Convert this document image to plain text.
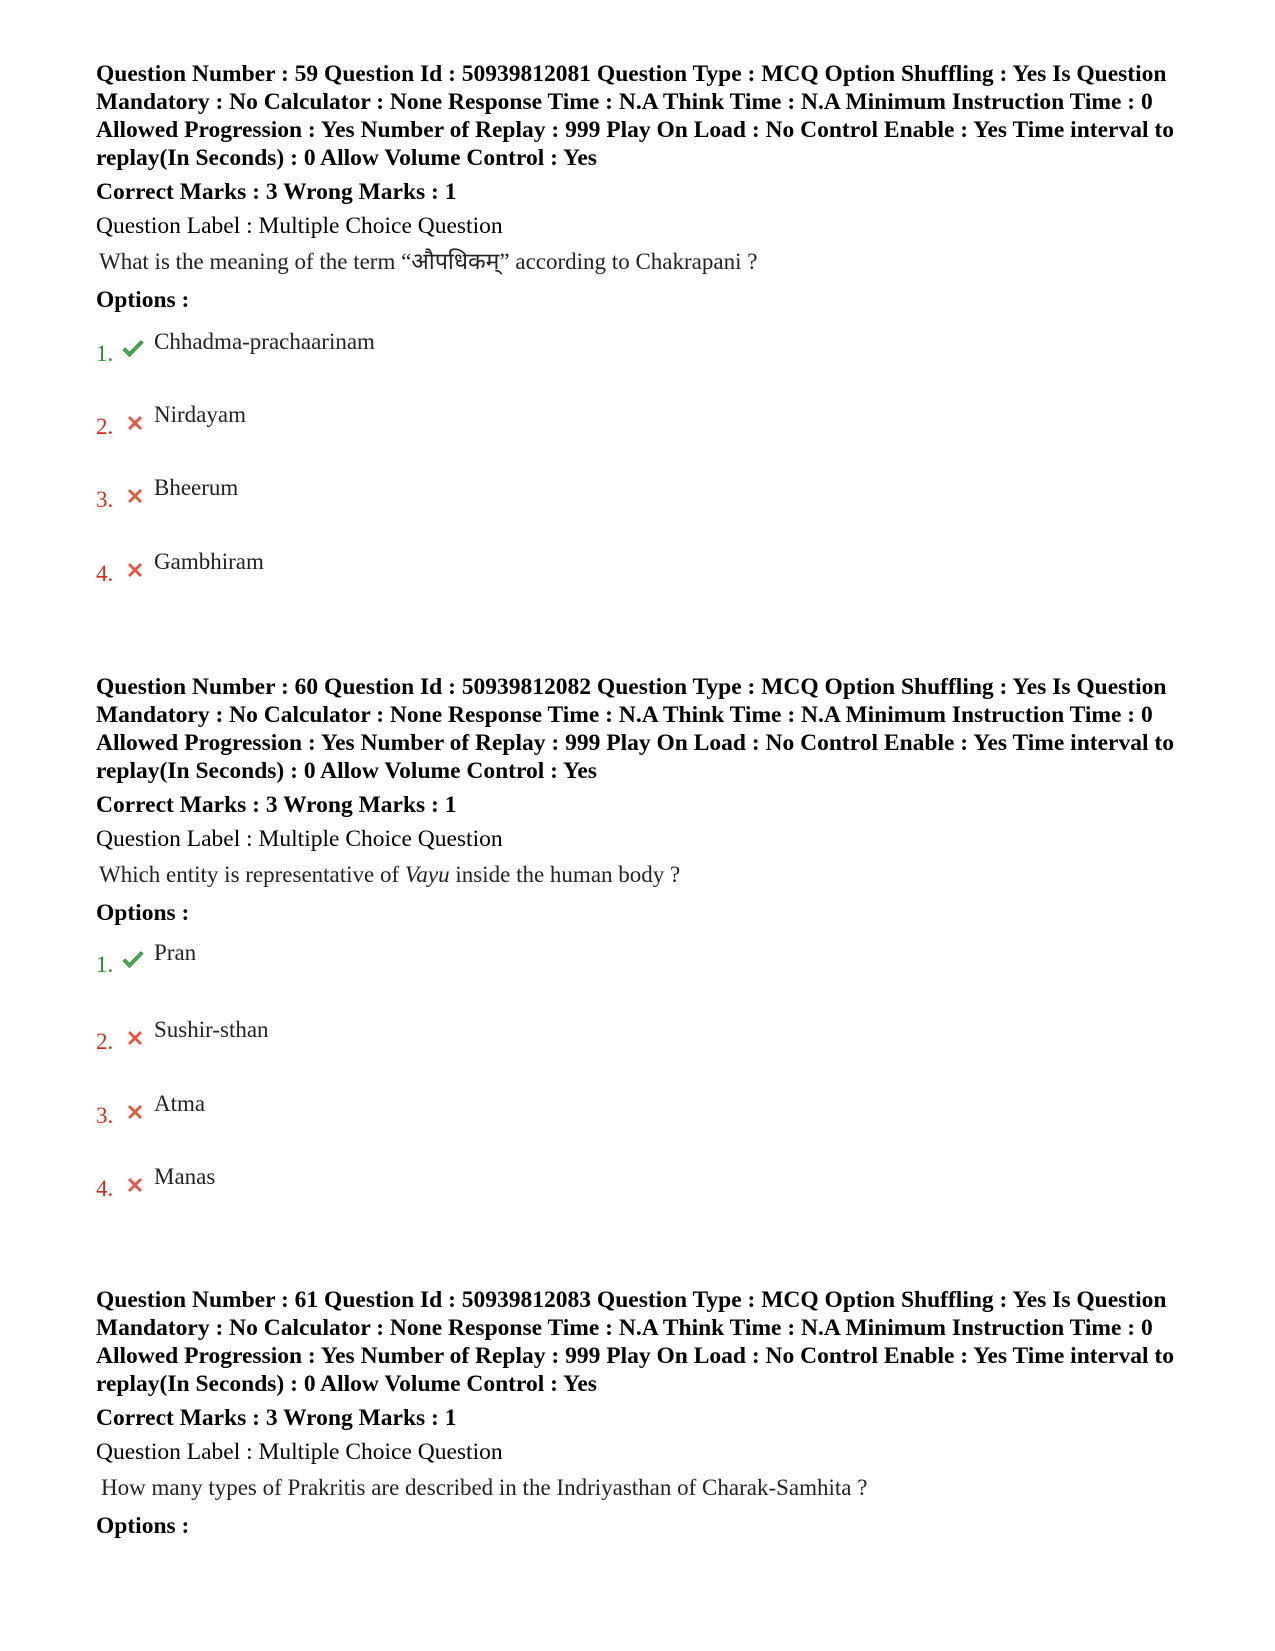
Question Number : 59 Question Id : 50939812081 Question Type : MCQ Option Shuffling : Yes Is Question Mandatory : No Calculator : None Response Time : N.A Think Time : N.A Minimum Instruction Time : 0 Allowed Progression : Yes Number of Replay : 999 Play On Load : No Control Enable : Yes Time interval to replay(In Seconds) : 0 Allow Volume Control : Yes
Correct Marks : 3 Wrong Marks : 1
Question Label : Multiple Choice Question
What is the meaning of the term “औपधिकम्” according to Chakrapani ?
Options :
1. Chhadma-prachaarinam
2. Nirdayam
3. Bheerum
4. Gambhiram
Question Number : 60 Question Id : 50939812082 Question Type : MCQ Option Shuffling : Yes Is Question Mandatory : No Calculator : None Response Time : N.A Think Time : N.A Minimum Instruction Time : 0 Allowed Progression : Yes Number of Replay : 999 Play On Load : No Control Enable : Yes Time interval to replay(In Seconds) : 0 Allow Volume Control : Yes
Correct Marks : 3 Wrong Marks : 1
Question Label : Multiple Choice Question
Which entity is representative of Vayu inside the human body ?
Options :
1. Pran
2. Sushir-sthan
3. Atma
4. Manas
Question Number : 61 Question Id : 50939812083 Question Type : MCQ Option Shuffling : Yes Is Question Mandatory : No Calculator : None Response Time : N.A Think Time : N.A Minimum Instruction Time : 0 Allowed Progression : Yes Number of Replay : 999 Play On Load : No Control Enable : Yes Time interval to replay(In Seconds) : 0 Allow Volume Control : Yes
Correct Marks : 3 Wrong Marks : 1
Question Label : Multiple Choice Question
How many types of Prakritis are described in the Indriyasthan of Charak-Samhita ?
Options :
